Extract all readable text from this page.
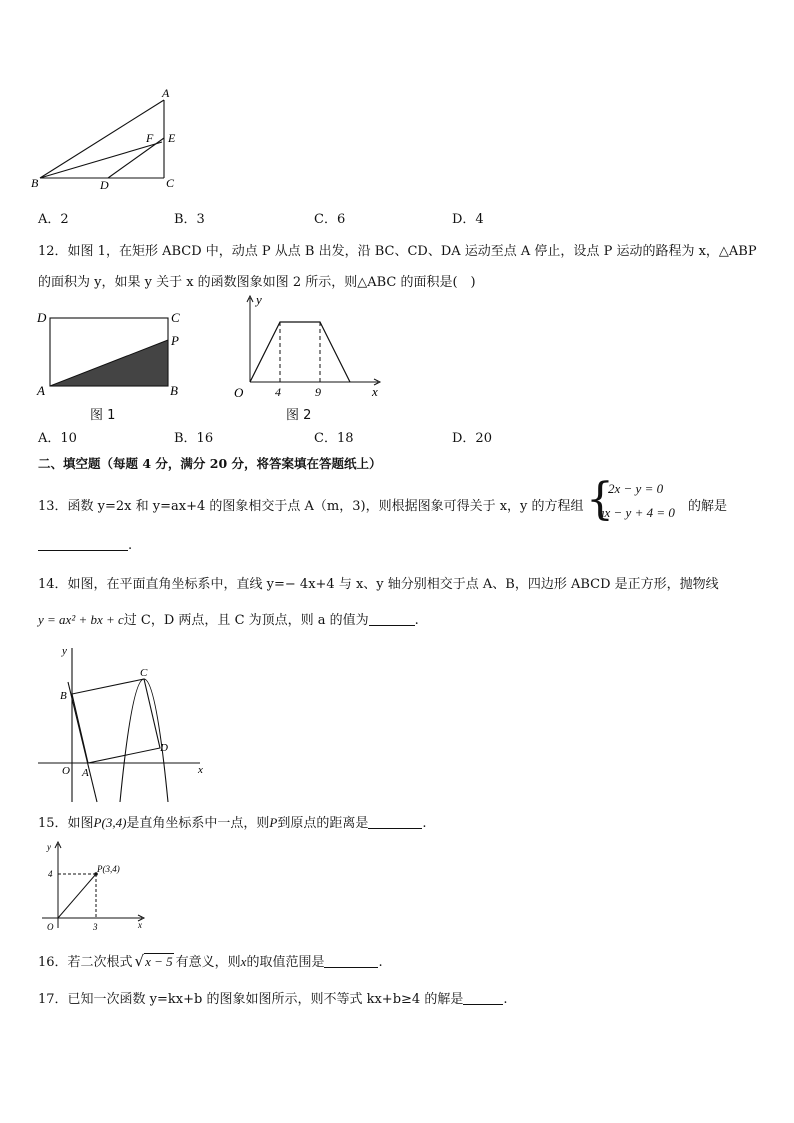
A
B	C
D
E
F
A．2	B．3	C．6	D．4
12．如图 1，在矩形 ABCD 中，动点 P 从点 B 出发，沿 BC、CD、DA 运动至点 A 停止，设点 P 运动的路程为 x，△ABP
的面积为 y，如果 y 关于 x 的函数图象如图 2 所示，则△ABC 的面积是(　)
D	C
P
A	B
图 1
y
x
O	4	9
图 2
A．10	B．16	C．18	D．20
二、填空题（每题 4 分，满分 20 分，将答案填在答题纸上）
13．函数 y=2x 和 y=ax+4 的图象相交于点 A（m，3)，则根据图象可得关于 x，y 的方程组 {
2x − y = 0
ax − y + 4 = 0 的解是
.
14．如图，在平面直角坐标系中，直线 y=− 4x+4 与 x、y 轴分别相交于点 A、B，四边形 ABCD 是正方形，抛物线
y = ax² + bx + c过 C，D 两点，且 C 为顶点，则 a 的值为	.
y
x
O A
B
C
D
15．如图P(3,4)是直角坐标系中一点，则P到原点的距离是	.
y
x
O
4
3
P(3,4)
16．若二次根式 √x − 5 有意义，则x的取值范围是	.
17．已知一次函数 y=kx+b 的图象如图所示，则不等式 kx+b≥4 的解是	.
